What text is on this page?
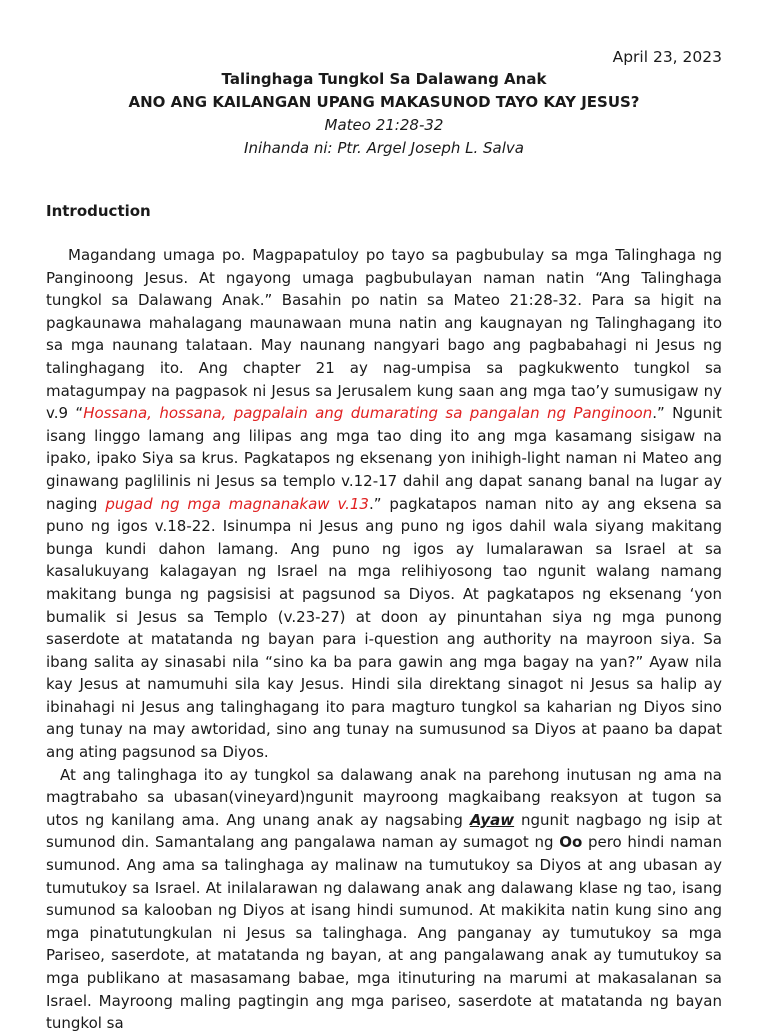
April 23, 2023
Talinghaga Tungkol Sa Dalawang Anak
ANO ANG KAILANGAN UPANG MAKASUNOD TAYO KAY JESUS?
Mateo 21:28-32
Inihanda ni: Ptr. Argel Joseph L. Salva
Introduction

Magandang umaga po. Magpapatuloy po tayo sa pagbubulay sa mga Talinghaga ng Panginoong Jesus. At ngayong umaga pagbubulayan naman natin “Ang Talinghaga tungkol sa Dalawang Anak.” Basahin po natin sa Mateo 21:28-32. Para sa higit na pagkaunawa mahalagang maunawaan muna natin ang kaugnayan ng Talinghagang ito sa mga naunang talataan. May naunang nangyari bago ang pagbabahagi ni Jesus ng talinghagang ito. Ang chapter 21 ay nag-umpisa sa pagkukwento tungkol sa matagumpay na pagpasok ni Jesus sa Jerusalem kung saan ang mga tao’y sumusigaw ny v.9 “Hossana, hossana, pagpalain ang dumarating sa pangalan ng Panginoon.” Ngunit isang linggo lamang ang lilipas ang mga tao ding ito ang mga kasamang sisigaw na ipako, ipako Siya sa krus. Pagkatapos ng eksenang yon inihigh-light naman ni Mateo ang ginawang paglilinis ni Jesus sa templo v.12-17 dahil ang dapat sanang banal na lugar ay naging pugad ng mga magnanakaw v.13.” pagkatapos naman nito ay ang eksena sa puno ng igos v.18-22. Isinumpa ni Jesus ang puno ng igos dahil wala siyang makitang bunga kundi dahon lamang. Ang puno ng igos ay lumalarawan sa Israel at sa kasalukuyang kalagayan ng Israel na mga relihiyosong tao ngunit walang namang makitang bunga ng pagsisisi at pagsunod sa Diyos. At pagkatapos ng eksenang ‘yon bumalik si Jesus sa Templo (v.23-27) at doon ay pinuntahan siya ng mga punong saserdote at matatanda ng bayan para i-question ang authority na mayroon siya. Sa ibang salita ay sinasabi nila “sino ka ba para gawin ang mga bagay na yan?” Ayaw nila kay Jesus at namumuhi sila kay Jesus. Hindi sila direktang sinagot ni Jesus sa halip ay ibinahagi ni Jesus ang talinghagang ito para magturo tungkol sa kaharian ng Diyos sino ang tunay na may awtoridad, sino ang tunay na sumusunod sa Diyos at paano ba dapat ang ating pagsunod sa Diyos.

At ang talinghaga ito ay tungkol sa dalawang anak na parehong inutusan ng ama na magtrabaho sa ubasan(vineyard)ngunit mayroong magkaibang reaksyon at tugon sa utos ng kanilang ama. Ang unang anak ay nagsabing Ayaw ngunit nagbago ng isip at sumunod din. Samantalang ang pangalawa naman ay sumagot ng Oo pero hindi naman sumunod. Ang ama sa talinghaga ay malinaw na tumutukoy sa Diyos at ang ubasan ay tumutukoy sa Israel. At inilalarawan ng dalawang anak ang dalawang klase ng tao, isang sumunod sa kalooban ng Diyos at isang hindi sumunod. At makikita natin kung sino ang mga pinatutungkulan ni Jesus sa talinghaga. Ang panganay ay tumutukoy sa mga Pariseo, saserdote, at matatanda ng bayan, at ang pangalawang anak ay tumutukoy sa mga publikano at masasamang babae, mga itinuturing na marumi at makasalanan sa Israel. Mayroong maling pagtingin ang mga pariseo, saserdote at matatanda ng bayan tungkol sa
